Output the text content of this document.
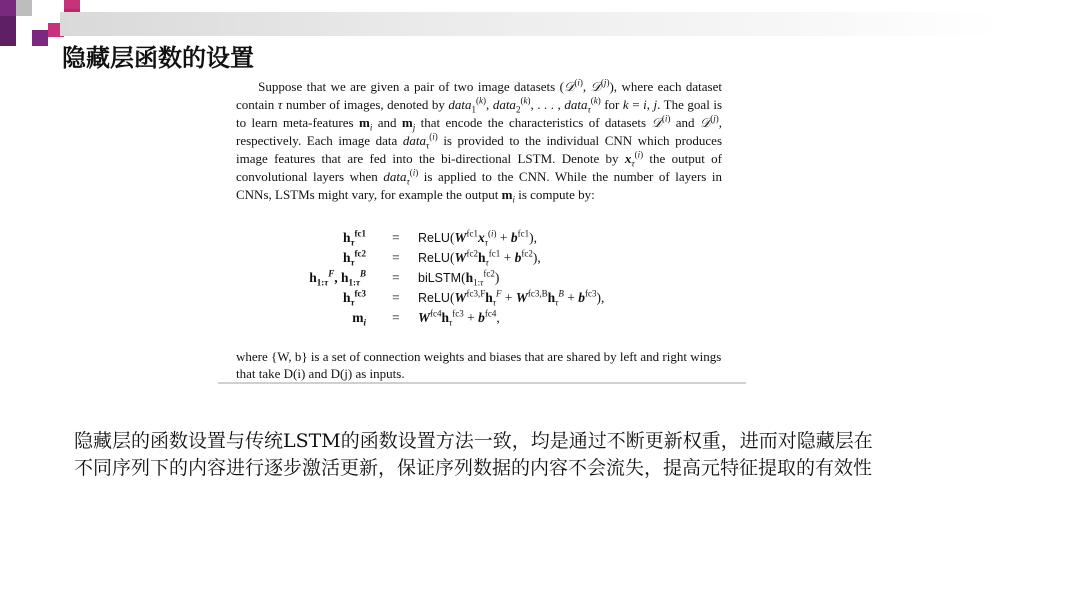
隐藏层函数的设置

Suppose that we are given a pair of two image datasets (𝒟$^{(i)}$, 𝒟$^{(j)}$), where each dataset contain τ number of images, denoted by data$_1^{(k)}$, data$_2^{(k)}$, . . . , data$_\tau^{(k)}$ for k = i, j. The goal is to learn meta-features $m_i$ and $m_j$ that encode the characteristics of datasets 𝒟$^{(i)}$ and 𝒟$^{(j)}$, respectively. Each image data data$_\tau^{(i)}$ is provided to the individual CNN which produces image features that are fed into the bi-directional LSTM. Denote by $x_\tau^{(i)}$ the output of convolutional layers when data$_\tau^{(i)}$ is applied to the CNN. While the number of layers in CNNs, LSTMs might vary, for example the output $m_i$ is compute by:

$h_\tau^{fc1}$ = $ReLU(W^{fc1}x_\tau^{(i)} + b^{fc1})$,
$h_\tau^{fc2}$ = $ReLU(W^{fc2}h_\tau^{fc1} + b^{fc2})$,
$h_{1:\tau}^F$, $h_{1:\tau}^B$ = $biLSTM(h_{1:\tau}^{fc2})$
$h_\tau^{fc3}$ = $ReLU(W^{fc3,F}h_\tau^F + W^{fc3,B}h_\tau^B + b^{fc3})$,
$m_i = W^{fc4}h_\tau^{fc3} + b^{fc4}$,

where {W, b} is a set of connection weights and biases that are shared by left and right wings that take D(i) and D(j) as inputs.

隐藏层的函数设置与传统LSTM的函数设置方法一致，均是通过不断更新权重，进而对隐藏层在不同序列下的内容进行逐步激活更新，保证序列数据的内容不会流失，提高元特征提取的有效性
